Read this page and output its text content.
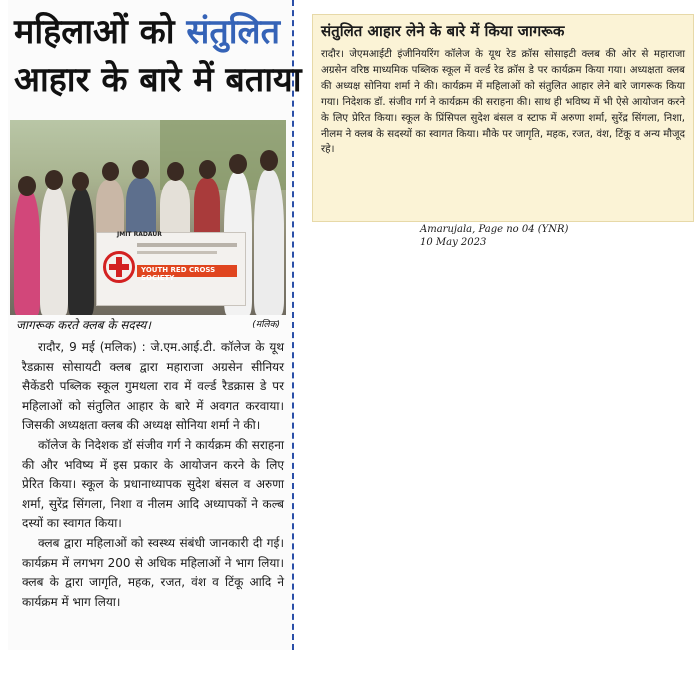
महिलाओं को संतुलित
आहार के बारे में बताया
JMIT RADAUR
YOUTH RED CROSS SOCIETY
जागरूक करते क्लब के सदस्य।	(मलिक)

रादौर, 9 मई (मलिक) : जे.एम.आई.टी. कॉलेज के यूथ रैडक्रास सोसायटी क्लब द्वारा महाराजा अग्रसेन सीनियर सैकेंडरी पब्लिक स्कूल गुमथला राव में वर्ल्ड रैडक्रास डे पर महिलाओं को संतुलित आहार के बारे में अवगत करवाया। जिसकी अध्यक्षता क्लब की अध्यक्ष सोनिया शर्मा ने की।

कॉलेज के निदेशक डॉ संजीव गर्ग ने कार्यक्रम की सराहना की और भविष्य में इस प्रकार के आयोजन करने के लिए प्रेरित किया। स्कूल के प्रधानाध्यापक सुदेश बंसल व अरुणा शर्मा, सुरेंद्र सिंगला, निशा व नीलम आदि अध्यापकों ने कल्ब दस्यों का स्वागत किया।

क्लब द्वारा महिलाओं को स्वस्थ्य संबंधी जानकारी दी गई। कार्यक्रम में लगभग 200 से अधिक महिलाओं ने भाग लिया। क्लब के द्वारा जागृति, महक, रजत, वंश व टिंकू आदि ने कार्यक्रम में भाग लिया।

संतुलित आहार लेने के बारे में किया जागरूक
रादौर। जेएमआईटी इंजीनियरिंग कॉलेज के यूथ रेड क्रॉस सोसाइटी क्लब की ओर से महाराजा अग्रसेन वरिष्ठ माध्यमिक पब्लिक स्कूल में वर्ल्ड रेड क्रॉस डे पर कार्यक्रम किया गया। अध्यक्षता क्लब की अध्यक्ष सोनिया शर्मा ने की। कार्यक्रम में महिलाओं को संतुलित आहार लेने बारे जागरूक किया गया। निदेशक डॉ. संजीव गर्ग ने कार्यक्रम की सराहना की। साथ ही भविष्य में भी ऐसे आयोजन करने के लिए प्रेरित किया। स्कूल के प्रिंसिपल सुदेश बंसल व स्टाफ में अरुणा शर्मा, सुरेंद्र सिंगला, निशा, नीलम ने क्लब के सदस्यों का स्वागत किया। मौके पर जागृति, महक, रजत, वंश, टिंकू व अन्य मौजूद रहे।
Amarujala, Page no 04 (YNR)
10 May 2023
